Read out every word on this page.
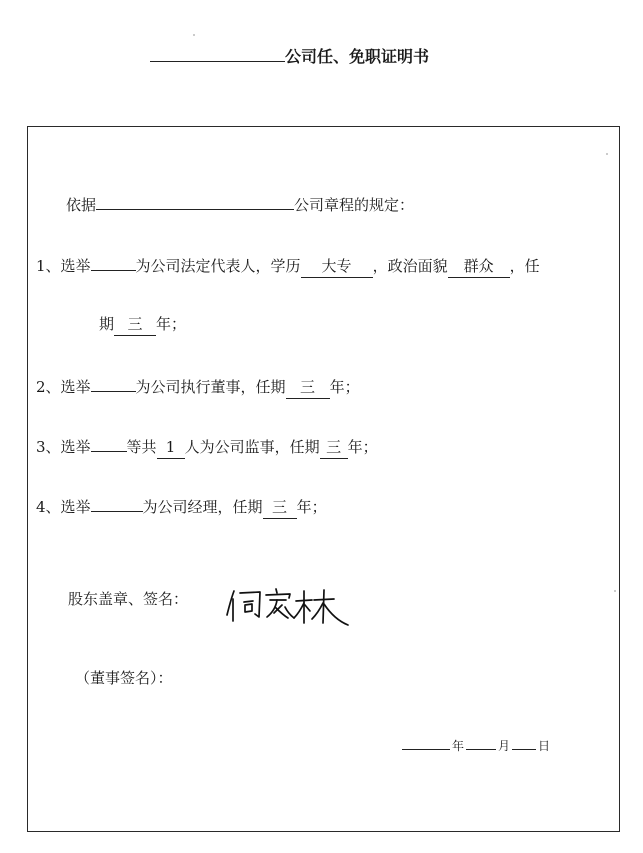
公司任、免职证明书
依据	公司章程的规定：
1、选举	为公司法定代表人，学历 大专 ，政治面貌 群众 ，任
期 三 年；
2、选举	为公司执行董事，任期 三 年；
3、选举 等共 1 人为公司监事，任期 三 年；
4、选举	为公司经理，任期 三 年；
股东盖章、签名：
何家林
（董事签名）：
年	月 日
